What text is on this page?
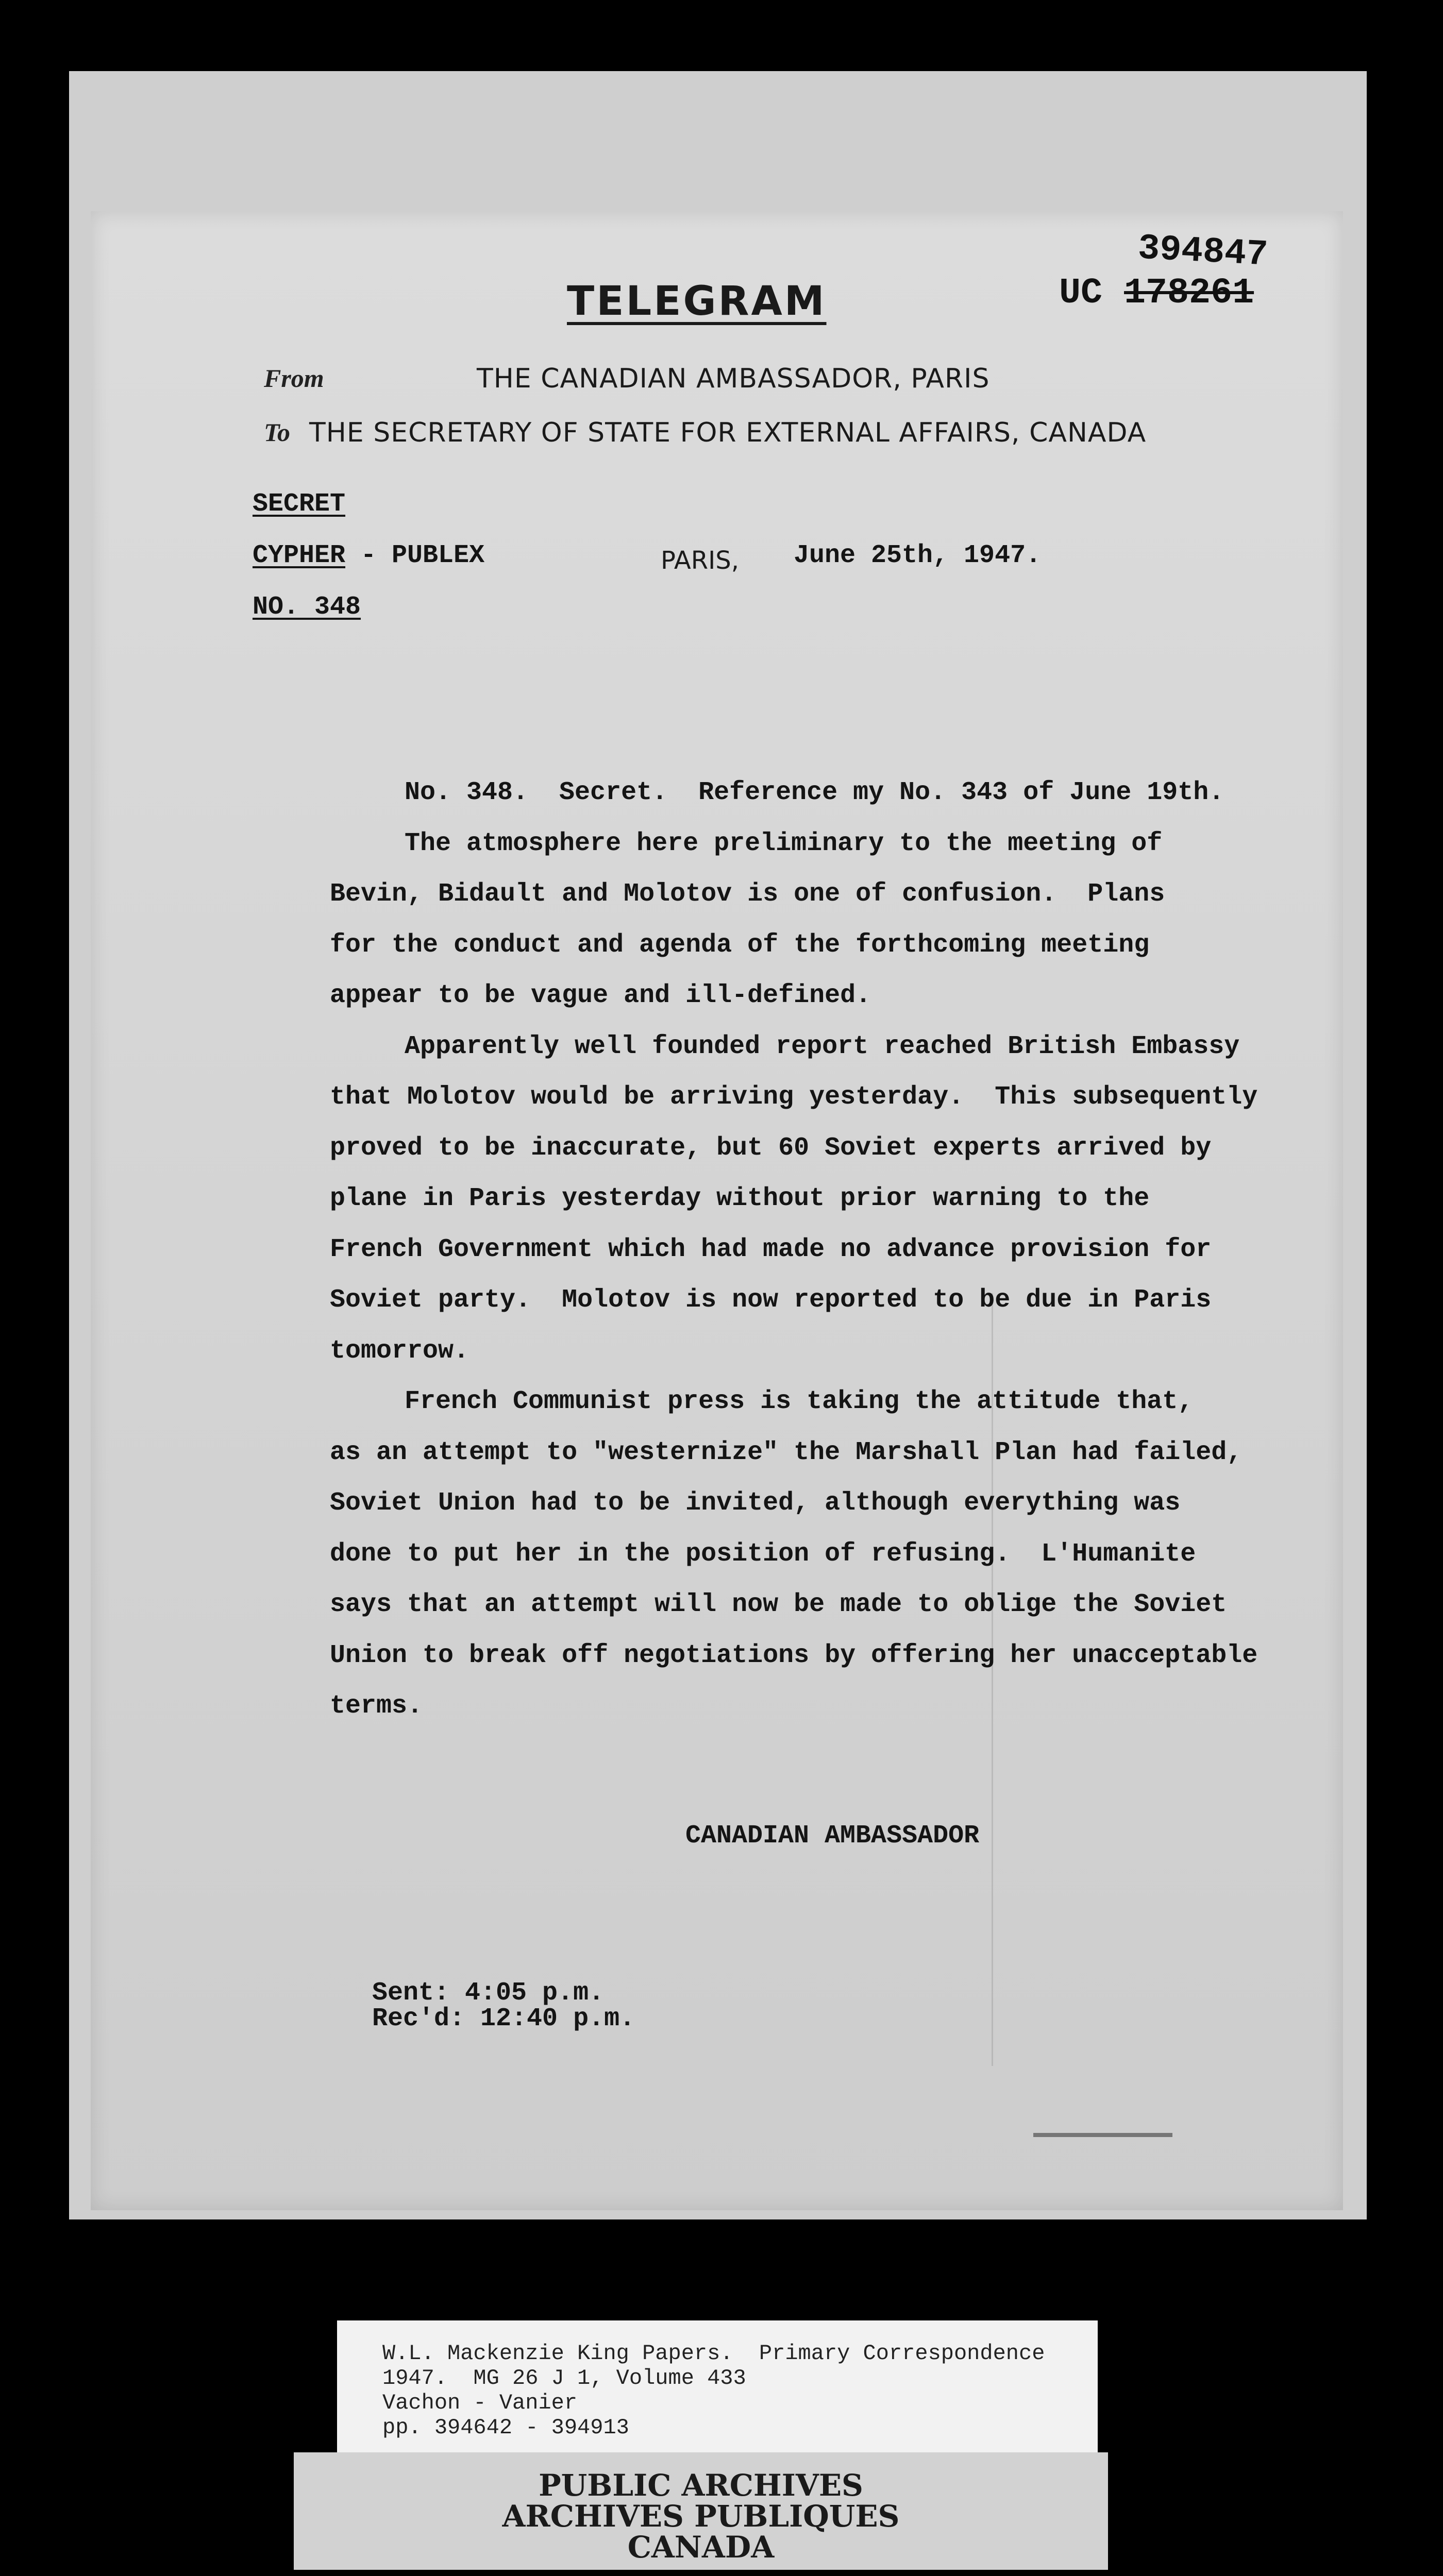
TELEGRAM
394847
UC 178261
From	THE CANADIAN AMBASSADOR, PARIS
To THE SECRETARY OF STATE FOR EXTERNAL AFFAIRS, CANADA
SECRET
CYPHER - PUBLEX
NO. 348
PARIS, June 25th, 1947.
No. 348.  Secret.  Reference my No. 343 of June 19th.
The atmosphere here preliminary to the meeting of
Bevin, Bidault and Molotov is one of confusion.  Plans
for the conduct and agenda of the forthcoming meeting
appear to be vague and ill-defined.
Apparently well founded report reached British Embassy
that Molotov would be arriving yesterday.  This subsequently
proved to be inaccurate, but 60 Soviet experts arrived by
plane in Paris yesterday without prior warning to the
French Government which had made no advance provision for
Soviet party.  Molotov is now reported to be due in Paris
tomorrow.
French Communist press is taking the attitude that,
as an attempt to "westernize" the Marshall Plan had failed,
Soviet Union had to be invited, although everything was
done to put her in the position of refusing.  L'Humanite
says that an attempt will now be made to oblige the Soviet
Union to break off negotiations by offering her unacceptable
terms.
CANADIAN AMBASSADOR
Sent: 4:05 p.m.
Rec'd: 12:40 p.m.
W.L. Mackenzie King Papers.  Primary Correspondence
1947.  MG 26 J 1, Volume 433
Vachon - Vanier
pp. 394642 - 394913
PUBLIC ARCHIVES
ARCHIVES PUBLIQUES
CANADA
